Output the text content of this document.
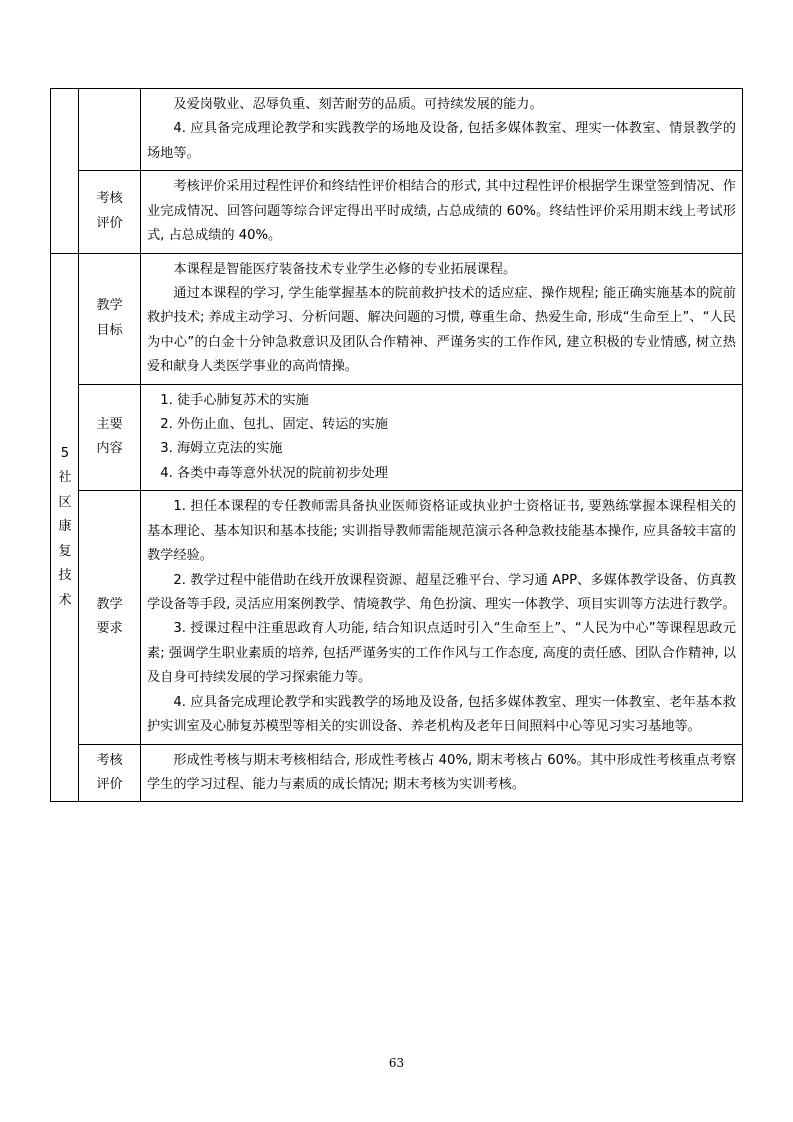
		及爱岗敬业、忍辱负重、刻苦耐劳的品质。可持续发展的能力。

4. 应具备完成理论教学和实践教学的场地及设备, 包括多媒体教室、理实一体教室、情景教学的场地等。

	考核评价	考核评价采用过程性评价和终结性评价相结合的形式, 其中过程性评价根据学生课堂签到情况、作业完成情况、回答问题等综合评定得出平时成绩, 占总成绩的 60%。终结性评价采用期末线上考试形式, 占总成绩的 40%。

5 社区康复技术	教学目标	本课程是智能医疗装备技术专业学生必修的专业拓展课程。

通过本课程的学习, 学生能掌握基本的院前救护技术的适应症、操作规程; 能正确实施基本的院前救护技术; 养成主动学习、分析问题、解决问题的习惯, 尊重生命、热爱生命, 形成“生命至上”、“人民为中心”的白金十分钟急救意识及团队合作精神、严谨务实的工作作风, 建立积极的专业情感, 树立热爱和献身人类医学事业的高尚情操。

	主要内容	1. 徒手心肺复苏术的实施

2. 外伤止血、包扎、固定、转运的实施

3. 海姆立克法的实施

4. 各类中毒等意外状况的院前初步处理

	教学要求	1. 担任本课程的专任教师需具备执业医师资格证或执业护士资格证书, 要熟练掌握本课程相关的基本理论、基本知识和基本技能; 实训指导教师需能规范演示各种急救技能基本操作, 应具备较丰富的教学经验。

2. 教学过程中能借助在线开放课程资源、超星泛雅平台、学习通 APP、多媒体教学设备、仿真教学设备等手段, 灵活应用案例教学、情境教学、角色扮演、理实一体教学、项目实训等方法进行教学。

3. 授课过程中注重思政育人功能, 结合知识点适时引入“生命至上”、“人民为中心”等课程思政元素; 强调学生职业素质的培养, 包括严谨务实的工作作风与工作态度, 高度的责任感、团队合作精神, 以及自身可持续发展的学习探索能力等。

4. 应具备完成理论教学和实践教学的场地及设备, 包括多媒体教室、理实一体教室、老年基本救护实训室及心肺复苏模型等相关的实训设备、养老机构及老年日间照料中心等见习实习基地等。

	考核评价	形成性考核与期末考核相结合, 形成性考核占 40%, 期末考核占 60%。其中形成性考核重点考察学生的学习过程、能力与素质的成长情况; 期末考核为实训考核。

63
